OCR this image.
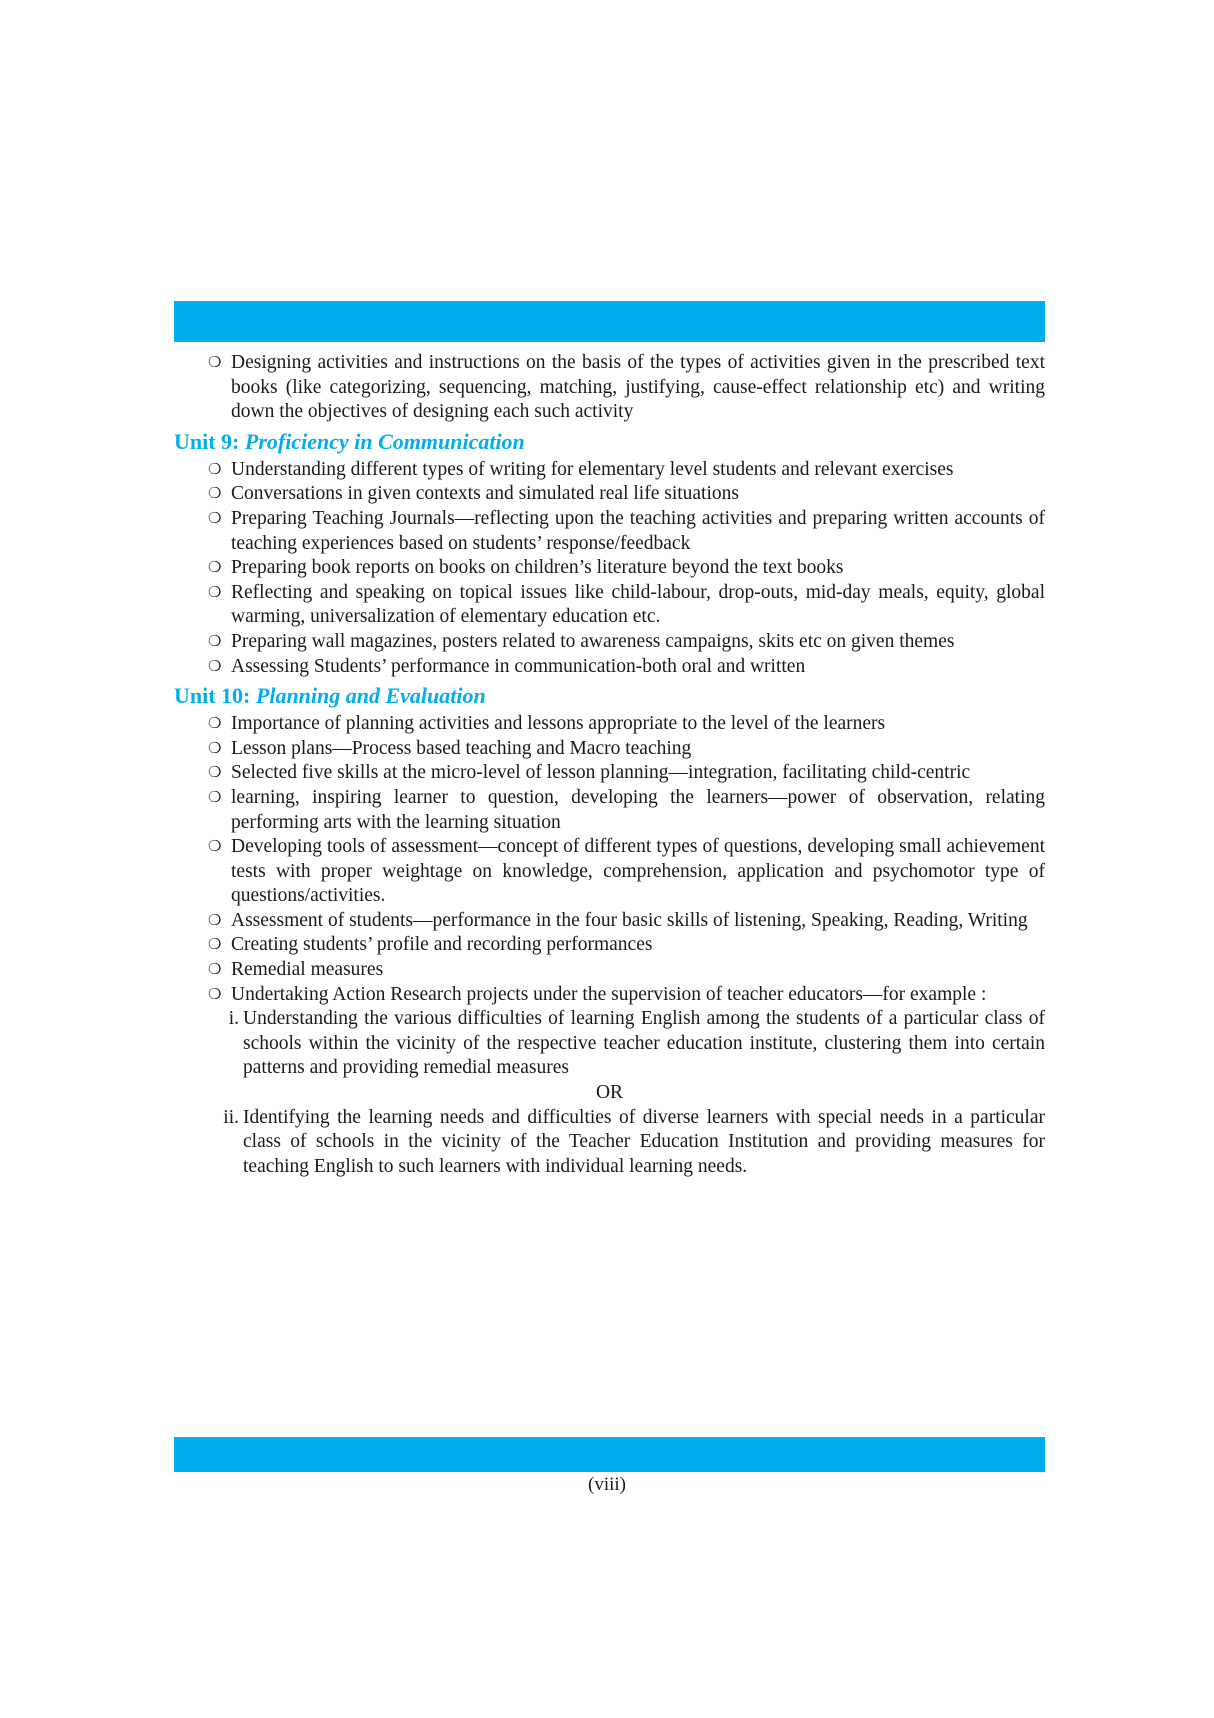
❍ Designing activities and instructions on the basis of the types of activities given in the prescribed text books (like categorizing, sequencing, matching, justifying, cause-effect relationship etc) and writing down the objectives of designing each such activity
Unit 9: Proficiency in Communication
❍ Understanding different types of writing for elementary level students and relevant exercises
❍ Conversations in given contexts and simulated real life situations
❍ Preparing Teaching Journals—reflecting upon the teaching activities and preparing written accounts of teaching experiences based on students’ response/feedback
❍ Preparing book reports on books on children’s literature beyond the text books
❍ Reflecting and speaking on topical issues like child-labour, drop-outs, mid-day meals, equity, global warming, universalization of elementary education etc.
❍ Preparing wall magazines, posters related to awareness campaigns, skits etc on given themes
❍ Assessing Students’ performance in communication-both oral and written
Unit 10: Planning and Evaluation
❍ Importance of planning activities and lessons appropriate to the level of the learners
❍ Lesson plans—Process based teaching and Macro teaching
❍ Selected five skills at the micro-level of lesson planning—integration, facilitating child-centric
❍ learning, inspiring learner to question, developing the learners—power of observation, relating performing arts with the learning situation
❍ Developing tools of assessment—concept of different types of questions, developing small achievement tests with proper weightage on knowledge, comprehension, application and psychomotor type of questions/activities.
❍ Assessment of students—performance in the four basic skills of listening, Speaking, Reading, Writing
❍ Creating students’ profile and recording performances
❍ Remedial measures
❍ Undertaking Action Research projects under the supervision of teacher educators—for example :
i. Understanding the various difficulties of learning English among the students of a particular class of schools within the vicinity of the respective teacher education institute, clustering them into certain patterns and providing remedial measures
OR
ii. Identifying the learning needs and difficulties of diverse learners with special needs in a particular class of schools in the vicinity of the Teacher Education Institution and providing measures for teaching English to such learners with individual learning needs.
(viii)
